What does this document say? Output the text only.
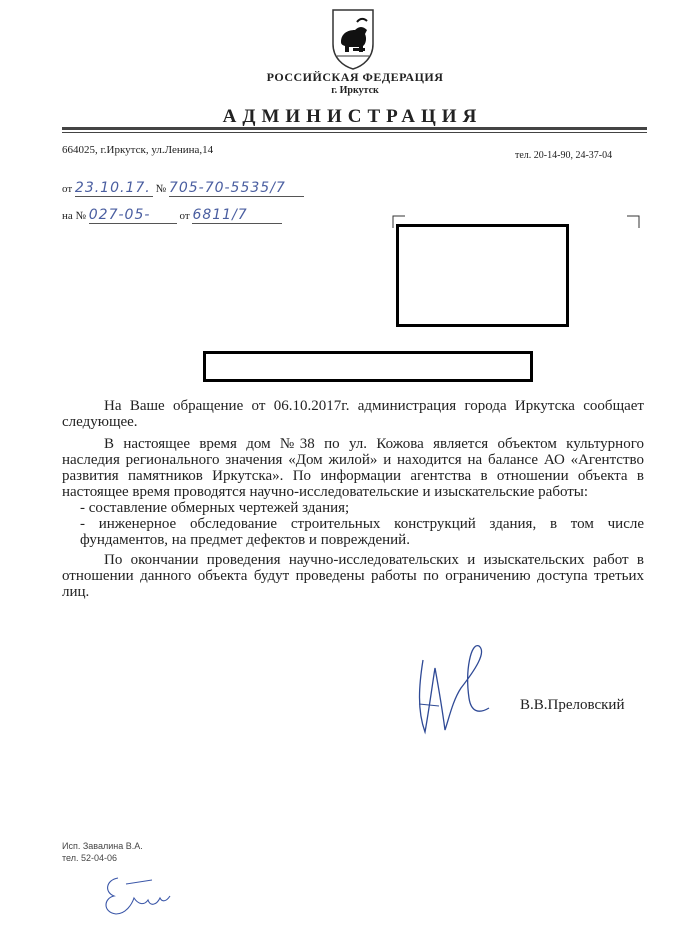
РОССИЙСКАЯ ФЕДЕРАЦИЯ
г. Иркутск
АДМИНИСТРАЦИЯ
664025, г.Иркутск, ул.Ленина,14	тел. 20-14-90, 24-37-04
от 23.10.17. № 705-70-5535/7
на № 027-05-	от 6811/7

На Ваше обращение от 06.10.2017г. администрация города Иркутска сообщает следующее.

В настоящее время дом №38 по ул. Кожова является объектом культурного наследия регионального значения «Дом жилой» и находится на балансе АО «Агентство развития памятников Иркутска». По информации агентства в отношении объекта в настоящее время проводятся научно-исследовательские и изыскательские работы:

- составление обмерных чертежей здания;

- инженерное обследование строительных конструкций здания, в том числе фундаментов, на предмет дефектов и повреждений.

По окончании проведения научно-исследовательских и изыскательских работ в отношении данного объекта будут проведены работы по ограничению доступа третьих лиц.

В.В.Преловский
Исп. Завалина В.А.
тел. 52-04-06
